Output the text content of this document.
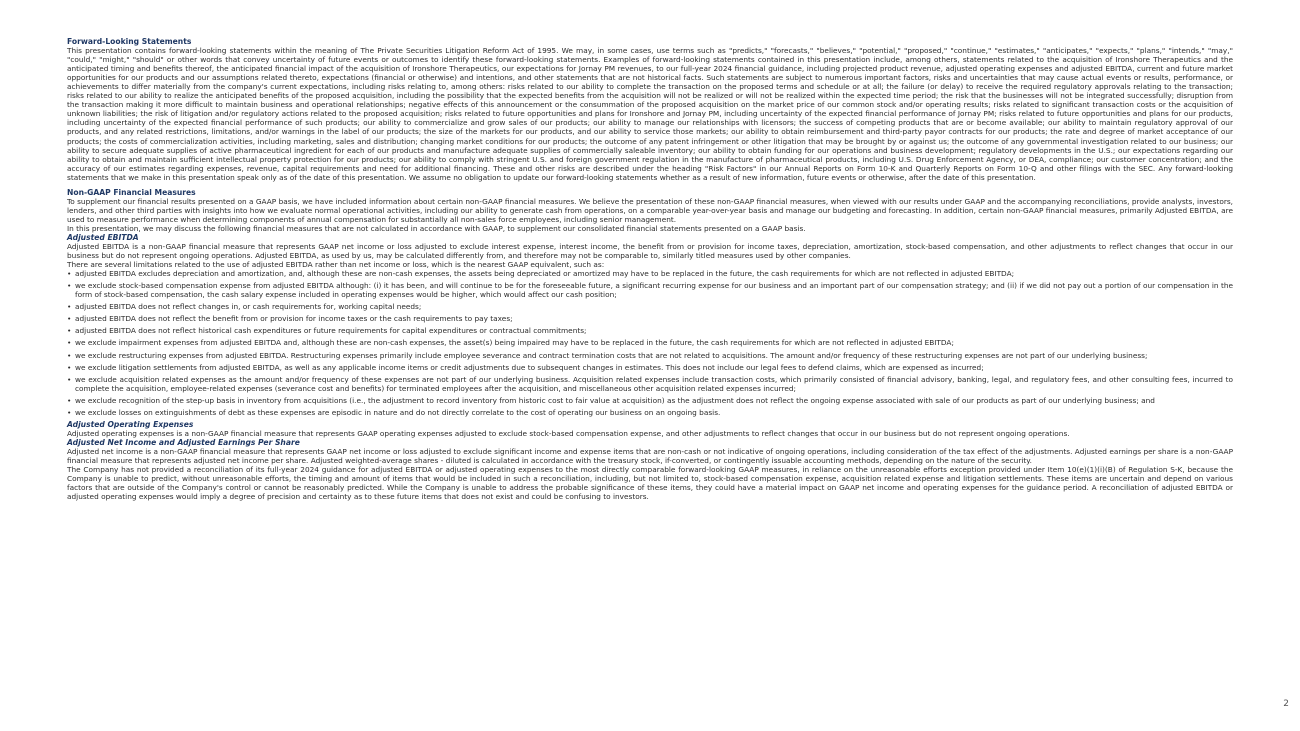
Forward-Looking Statements

This presentation contains forward-looking statements within the meaning of The Private Securities Litigation Reform Act of 1995. We may, in some cases, use terms such as "predicts," "forecasts," "believes," "potential," "proposed," "continue," "estimates," "anticipates," "expects," "plans," "intends," "may," "could," "might," "should" or other words that convey uncertainty of future events or outcomes to identify these forward-looking statements. Examples of forward-looking statements contained in this presentation include, among others, statements related to the acquisition of Ironshore Therapeutics and the anticipated timing and benefits thereof, the anticipated financial impact of the acquisition of Ironshore Therapeutics, our expectations for Jornay PM revenues, to our full-year 2024 financial guidance, including projected product revenue, adjusted operating expenses and adjusted EBITDA, current and future market opportunities for our products and our assumptions related thereto, expectations (financial or otherwise) and intentions, and other statements that are not historical facts. Such statements are subject to numerous important factors, risks and uncertainties that may cause actual events or results, performance, or achievements to differ materially from the company's current expectations, including risks relating to, among others: risks related to our ability to complete the transaction on the proposed terms and schedule or at all; the failure (or delay) to receive the required regulatory approvals relating to the transaction; risks related to our ability to realize the anticipated benefits of the proposed acquisition, including the possibility that the expected benefits from the acquisition will not be realized or will not be realized within the expected time period; the risk that the businesses will not be integrated successfully; disruption from the transaction making it more difficult to maintain business and operational relationships; negative effects of this announcement or the consummation of the proposed acquisition on the market price of our common stock and/or operating results; risks related to significant transaction costs or the acquisition of unknown liabilities; the risk of litigation and/or regulatory actions related to the proposed acquisition; risks related to future opportunities and plans for Ironshore and Jornay PM, including uncertainty of the expected financial performance of Jornay PM; risks related to future opportunities and plans for our products, including uncertainty of the expected financial performance of such products; our ability to commercialize and grow sales of our products; our ability to manage our relationships with licensors; the success of competing products that are or become available; our ability to maintain regulatory approval of our products, and any related restrictions, limitations, and/or warnings in the label of our products; the size of the markets for our products, and our ability to service those markets; our ability to obtain reimbursement and third-party payor contracts for our products; the rate and degree of market acceptance of our products; the costs of commercialization activities, including marketing, sales and distribution; changing market conditions for our products; the outcome of any patent infringement or other litigation that may be brought by or against us; the outcome of any governmental investigation related to our business; our ability to secure adequate supplies of active pharmaceutical ingredient for each of our products and manufacture adequate supplies of commercially saleable inventory; our ability to obtain funding for our operations and business development; regulatory developments in the U.S.; our expectations regarding our ability to obtain and maintain sufficient intellectual property protection for our products; our ability to comply with stringent U.S. and foreign government regulation in the manufacture of pharmaceutical products, including U.S. Drug Enforcement Agency, or DEA, compliance; our customer concentration; and the accuracy of our estimates regarding expenses, revenue, capital requirements and need for additional financing. These and other risks are described under the heading "Risk Factors" in our Annual Reports on Form 10-K and Quarterly Reports on Form 10-Q and other filings with the SEC. Any forward-looking statements that we make in this presentation speak only as of the date of this presentation. We assume no obligation to update our forward-looking statements whether as a result of new information, future events or otherwise, after the date of this presentation.

Non-GAAP Financial Measures

To supplement our financial results presented on a GAAP basis, we have included information about certain non-GAAP financial measures. We believe the presentation of these non-GAAP financial measures, when viewed with our results under GAAP and the accompanying reconciliations, provide analysts, investors, lenders, and other third parties with insights into how we evaluate normal operational activities, including our ability to generate cash from operations, on a comparable year-over-year basis and manage our budgeting and forecasting. In addition, certain non-GAAP financial measures, primarily Adjusted EBITDA, are used to measure performance when determining components of annual compensation for substantially all non-sales force employees, including senior management.

In this presentation, we may discuss the following financial measures that are not calculated in accordance with GAAP, to supplement our consolidated financial statements presented on a GAAP basis.

Adjusted EBITDA

Adjusted EBITDA is a non-GAAP financial measure that represents GAAP net income or loss adjusted to exclude interest expense, interest income, the benefit from or provision for income taxes, depreciation, amortization, stock-based compensation, and other adjustments to reflect changes that occur in our business but do not represent ongoing operations. Adjusted EBITDA, as used by us, may be calculated differently from, and therefore may not be comparable to, similarly titled measures used by other companies.

There are several limitations related to the use of adjusted EBITDA rather than net income or loss, which is the nearest GAAP equivalent, such as:

• adjusted EBITDA excludes depreciation and amortization, and, although these are non-cash expenses, the assets being depreciated or amortized may have to be replaced in the future, the cash requirements for which are not reflected in adjusted EBITDA;
• we exclude stock-based compensation expense from adjusted EBITDA although: (i) it has been, and will continue to be for the foreseeable future, a significant recurring expense for our business and an important part of our compensation strategy; and (ii) if we did not pay out a portion of our compensation in the form of stock-based compensation, the cash salary expense included in operating expenses would be higher, which would affect our cash position;
• adjusted EBITDA does not reflect changes in, or cash requirements for, working capital needs;
• adjusted EBITDA does not reflect the benefit from or provision for income taxes or the cash requirements to pay taxes;
• adjusted EBITDA does not reflect historical cash expenditures or future requirements for capital expenditures or contractual commitments;
• we exclude impairment expenses from adjusted EBITDA and, although these are non-cash expenses, the asset(s) being impaired may have to be replaced in the future, the cash requirements for which are not reflected in adjusted EBITDA;
• we exclude restructuring expenses from adjusted EBITDA. Restructuring expenses primarily include employee severance and contract termination costs that are not related to acquisitions. The amount and/or frequency of these restructuring expenses are not part of our underlying business;
• we exclude litigation settlements from adjusted EBITDA, as well as any applicable income items or credit adjustments due to subsequent changes in estimates. This does not include our legal fees to defend claims, which are expensed as incurred;
• we exclude acquisition related expenses as the amount and/or frequency of these expenses are not part of our underlying business. Acquisition related expenses include transaction costs, which primarily consisted of financial advisory, banking, legal, and regulatory fees, and other consulting fees, incurred to complete the acquisition, employee-related expenses (severance cost and benefits) for terminated employees after the acquisition, and miscellaneous other acquisition related expenses incurred;
• we exclude recognition of the step-up basis in inventory from acquisitions (i.e., the adjustment to record inventory from historic cost to fair value at acquisition) as the adjustment does not reflect the ongoing expense associated with sale of our products as part of our underlying business; and
• we exclude losses on extinguishments of debt as these expenses are episodic in nature and do not directly correlate to the cost of operating our business on an ongoing basis.
Adjusted Operating Expenses

Adjusted operating expenses is a non-GAAP financial measure that represents GAAP operating expenses adjusted to exclude stock-based compensation expense, and other adjustments to reflect changes that occur in our business but do not represent ongoing operations.

Adjusted Net Income and Adjusted Earnings Per Share

Adjusted net income is a non-GAAP financial measure that represents GAAP net income or loss adjusted to exclude significant income and expense items that are non-cash or not indicative of ongoing operations, including consideration of the tax effect of the adjustments. Adjusted earnings per share is a non-GAAP financial measure that represents adjusted net income per share. Adjusted weighted-average shares - diluted is calculated in accordance with the treasury stock, if-converted, or contingently issuable accounting methods, depending on the nature of the security.

The Company has not provided a reconciliation of its full-year 2024 guidance for adjusted EBITDA or adjusted operating expenses to the most directly comparable forward-looking GAAP measures, in reliance on the unreasonable efforts exception provided under Item 10(e)(1)(i)(B) of Regulation S-K, because the Company is unable to predict, without unreasonable efforts, the timing and amount of items that would be included in such a reconciliation, including, but not limited to, stock-based compensation expense, acquisition related expense and litigation settlements. These items are uncertain and depend on various factors that are outside of the Company's control or cannot be reasonably predicted. While the Company is unable to address the probable significance of these items, they could have a material impact on GAAP net income and operating expenses for the guidance period. A reconciliation of adjusted EBITDA or adjusted operating expenses would imply a degree of precision and certainty as to these future items that does not exist and could be confusing to investors.

2
